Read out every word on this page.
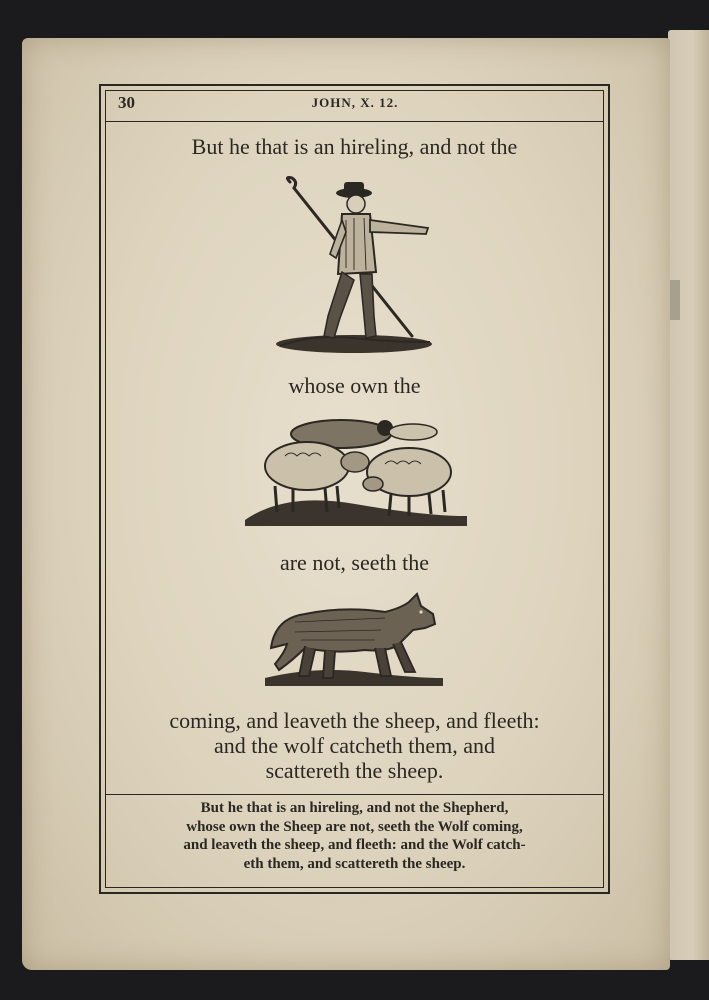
30	JOHN, X. 12.
But he that is an hireling, and not the
whose own the
are not, seeth the
coming, and leaveth the sheep, and fleeth:
and the wolf catcheth them, and
scattereth the sheep.
But he that is an hireling, and not the Shepherd,
whose own the Sheep are not, seeth the Wolf coming,
and leaveth the sheep, and fleeth: and the Wolf catch-
eth them, and scattereth the sheep.
